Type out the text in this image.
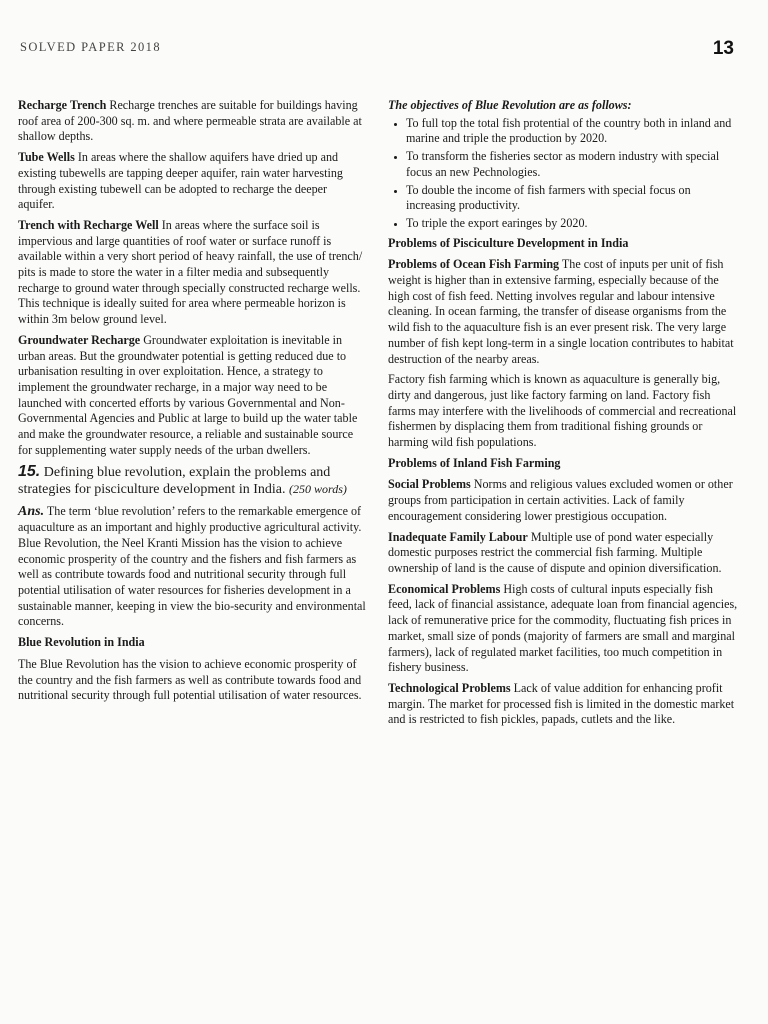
SOLVED PAPER 2018	13

Recharge Trench Recharge trenches are suitable for buildings having roof area of 200-300 sq. m. and where permeable strata are available at shallow depths.

Tube Wells In areas where the shallow aquifers have dried up and existing tubewells are tapping deeper aquifer, rain water harvesting through existing tubewell can be adopted to recharge the deeper aquifer.

Trench with Recharge Well In areas where the surface soil is impervious and large quantities of roof water or surface runoff is available within a very short period of heavy rainfall, the use of trench/ pits is made to store the water in a filter media and subsequently recharge to ground water through specially constructed recharge wells. This technique is ideally suited for area where permeable horizon is within 3m below ground level.

Groundwater Recharge Groundwater exploitation is inevitable in urban areas. But the groundwater potential is getting reduced due to urbanisation resulting in over exploitation. Hence, a strategy to implement the groundwater recharge, in a major way need to be launched with concerted efforts by various Governmental and Non-Governmental Agencies and Public at large to build up the water table and make the groundwater resource, a reliable and sustainable source for supplementing water supply needs of the urban dwellers.

15. Defining blue revolution, explain the problems and strategies for pisciculture development in India. (250 words)

Ans. The term ‘blue revolution’ refers to the remarkable emergence of aquaculture as an important and highly productive agricultural activity. Blue Revolution, the Neel Kranti Mission has the vision to achieve economic prosperity of the country and the fishers and fish farmers as well as contribute towards food and nutritional security through full potential utilisation of water resources for fisheries development in a sustainable manner, keeping in view the bio-security and environmental concerns.

Blue Revolution in India

The Blue Revolution has the vision to achieve economic prosperity of the country and the fish farmers as well as contribute towards food and nutritional security through full potential utilisation of water resources.

The objectives of Blue Revolution are as follows:
• To full top the total fish protential of the country both in inland and marine and triple the production by 2020.
• To transform the fisheries sector as modern industry with special focus an new Pechnologies.
• To double the income of fish farmers with special focus on increasing productivity.
• To triple the export earinges by 2020.
Problems of Pisciculture Development in India

Problems of Ocean Fish Farming The cost of inputs per unit of fish weight is higher than in extensive farming, especially because of the high cost of fish feed. Netting involves regular and labour intensive cleaning. In ocean farming, the transfer of disease organisms from the wild fish to the aquaculture fish is an ever present risk. The very large number of fish kept long-term in a single location contributes to habitat destruction of the nearby areas.

Factory fish farming which is known as aquaculture is generally big, dirty and dangerous, just like factory farming on land. Factory fish farms may interfere with the livelihoods of commercial and recreational fishermen by displacing them from traditional fishing grounds or harming wild fish populations.

Problems of Inland Fish Farming

Social Problems Norms and religious values excluded women or other groups from participation in certain activities. Lack of family encouragement considering lower prestigious occupation.

Inadequate Family Labour Multiple use of pond water especially domestic purposes restrict the commercial fish farming. Multiple ownership of land is the cause of dispute and opinion diversification.

Economical Problems High costs of cultural inputs especially fish feed, lack of financial assistance, adequate loan from financial agencies, lack of remunerative price for the commodity, fluctuating fish prices in market, small size of ponds (majority of farmers are small and marginal farmers), lack of regulated market facilities, too much competition in fishery business.

Technological Problems Lack of value addition for enhancing profit margin. The market for processed fish is limited in the domestic market and is restricted to fish pickles, papads, cutlets and the like.
